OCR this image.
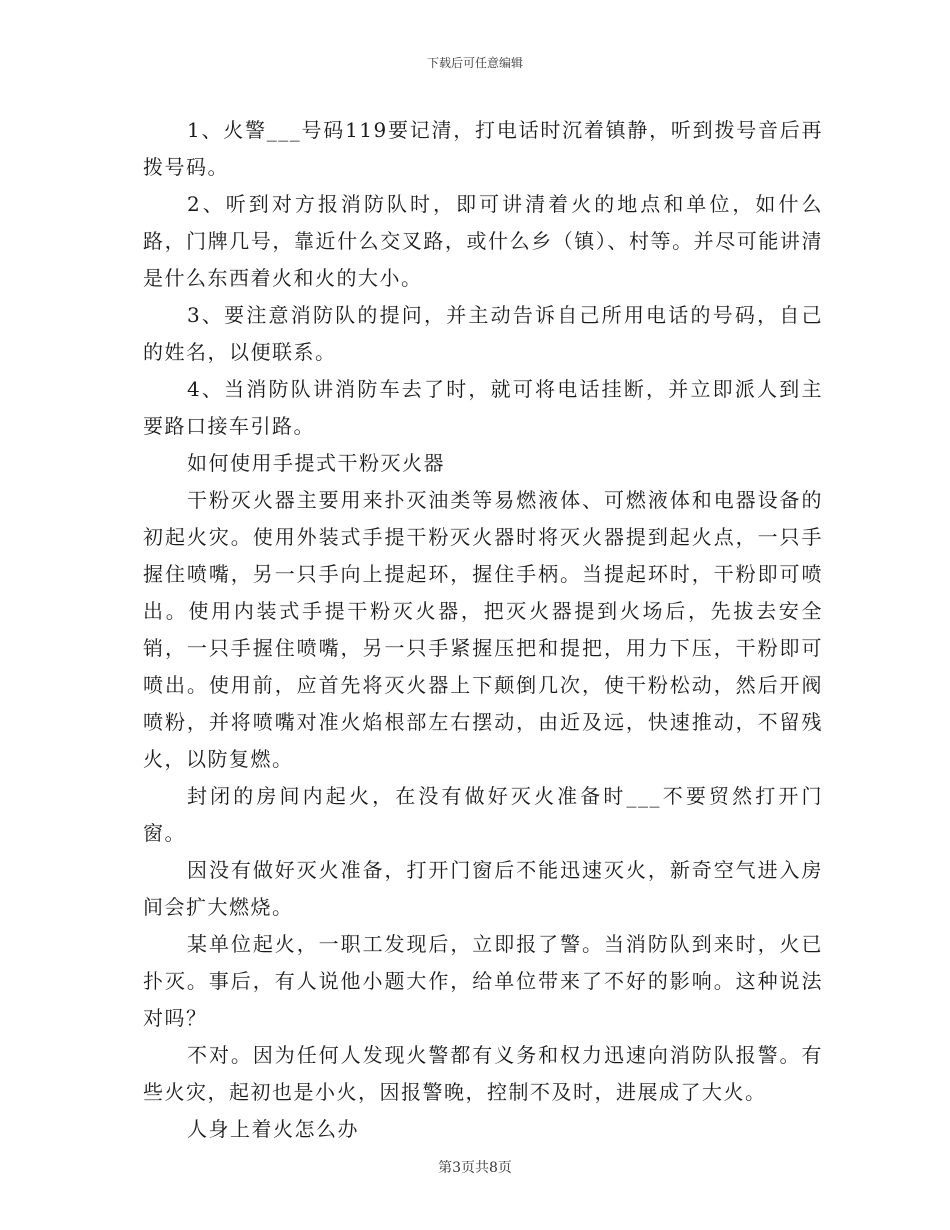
下载后可任意编辑

1、火警___号码119要记清，打电话时沉着镇静，听到拨号音后再拨号码。

2、听到对方报消防队时，即可讲清着火的地点和单位，如什么路，门牌几号，靠近什么交叉路，或什么乡（镇）、村等。并尽可能讲清是什么东西着火和火的大小。

3、要注意消防队的提问，并主动告诉自己所用电话的号码，自己的姓名，以便联系。

4、当消防队讲消防车去了时，就可将电话挂断，并立即派人到主要路口接车引路。

如何使用手提式干粉灭火器

干粉灭火器主要用来扑灭油类等易燃液体、可燃液体和电器设备的初起火灾。使用外装式手提干粉灭火器时将灭火器提到起火点，一只手握住喷嘴，另一只手向上提起环，握住手柄。当提起环时，干粉即可喷出。使用内装式手提干粉灭火器，把灭火器提到火场后，先拔去安全销，一只手握住喷嘴，另一只手紧握压把和提把，用力下压，干粉即可喷出。使用前，应首先将灭火器上下颠倒几次，使干粉松动，然后开阀喷粉，并将喷嘴对准火焰根部左右摆动，由近及远，快速推动，不留残火，以防复燃。

封闭的房间内起火，在没有做好灭火准备时___不要贸然打开门窗。

因没有做好灭火准备，打开门窗后不能迅速灭火，新奇空气进入房间会扩大燃烧。

某单位起火，一职工发现后，立即报了警。当消防队到来时，火已扑灭。事后，有人说他小题大作，给单位带来了不好的影响。这种说法对吗？

不对。因为任何人发现火警都有义务和权力迅速向消防队报警。有些火灾，起初也是小火，因报警晚，控制不及时，进展成了大火。

人身上着火怎么办

第3页共8页
